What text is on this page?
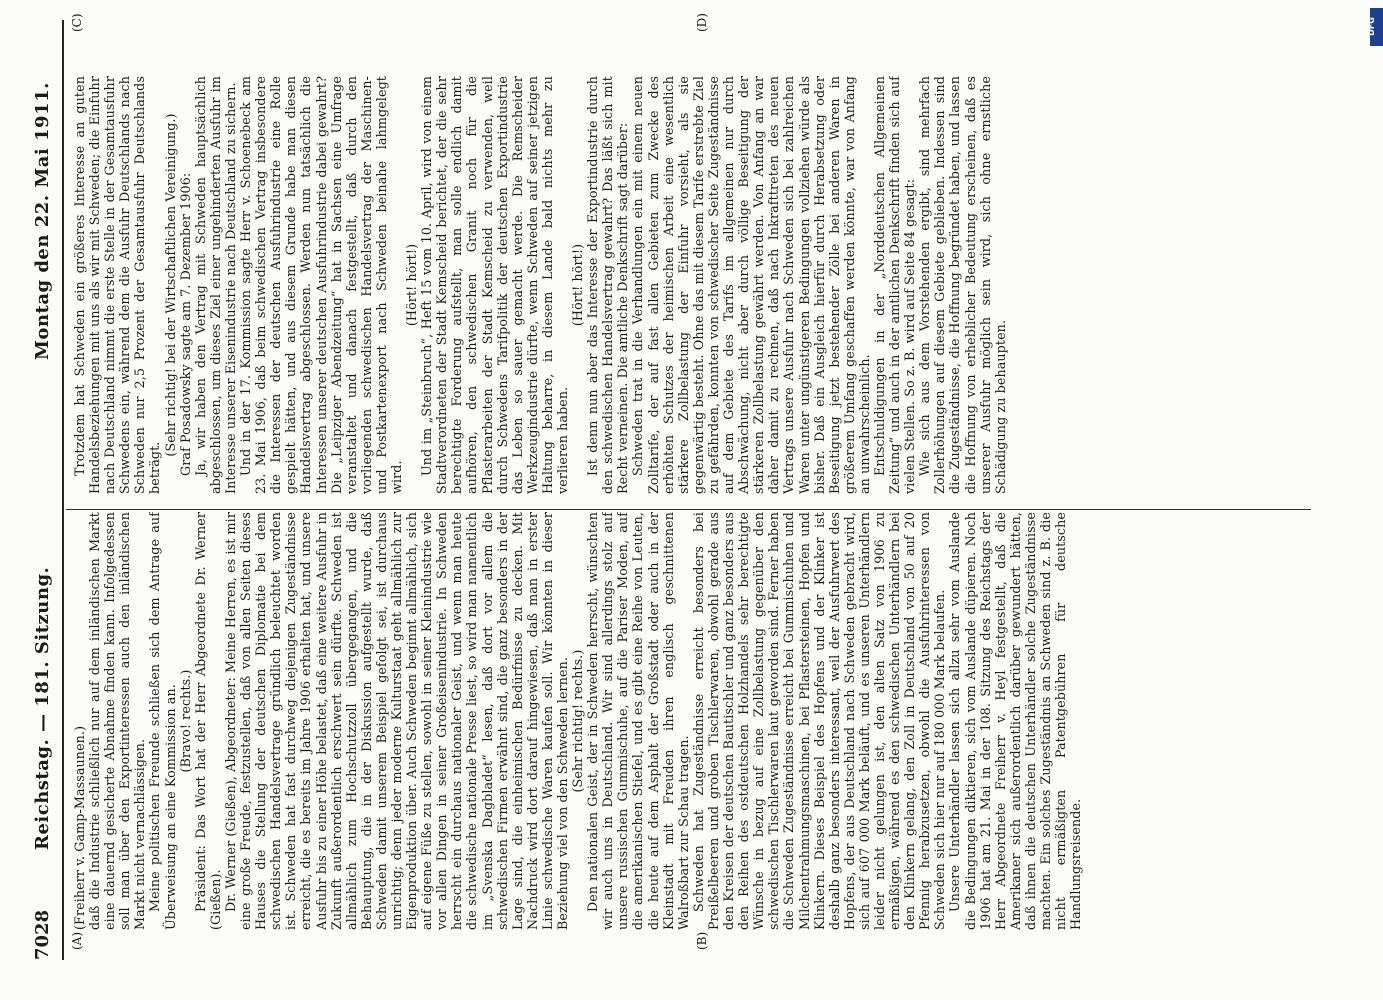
7028
Reichstag. — 181. Sitzung.
Montag den 22. Mai 1911.
(A)	(B)
(C)	(D)

(Freiherr v. Gamp-Massaunen.) daß die Industrie schließlich nur auf dem inländischen Markt eine dauernd gesicherte Abnahme finden kann. Infolgedessen soll man über den Exportinteressen auch den inländischen Markt nicht vernachlässigen. Meine politischen Freunde schließen sich dem Antrage auf Überweisung an eine Kommission an. (Bravo! rechts.) Präsident: Das Wort hat der Herr Abgeordnete Dr. Werner (Gießen). Dr. Werner (Gießen), Abgeordneter: Meine Herren, es ist mir eine große Freude, festzustellen, daß von allen Seiten dieses Hauses die Stellung der deutschen Diplomatie bei dem schwedischen Handelsvertrage gründlich beleuchtet worden ist. Schweden hat fast durchweg diejenigen Zugeständnisse erreicht, die es bereits im Jahre 1906 erhalten hat, und unsere Ausfuhr bis zu einer Höhe belastet, daß eine weitere Ausfuhr in Zukunft außerordentlich erschwert sein dürfte. Schweden ist allmählich zum Hochschutzzoll übergegangen, und die Behauptung, die in der Diskussion aufgestellt wurde, daß Schweden damit unserem Beispiel gefolgt sei, ist durchaus unrichtig; denn jeder moderne Kulturstaat geht allmählich zur Eigenproduktion über. Auch Schweden beginnt allmählich, sich auf eigene Füße zu stellen, sowohl in seiner Kleinindustrie wie vor allen Dingen in seiner Großeisenindustrie. In Schweden herrscht ein durchaus nationaler Geist, und wenn man heute die schwedische nationale Presse liest, so wird man namentlich im „Svenska Dagbladet“ lesen, daß dort vor allem die schwedischen Firmen erwähnt sind, die ganz besonders in der Lage sind, die einheimischen Bedürfnisse zu decken. Mit Nachdruck wird dort darauf hingewiesen, daß man in erster Linie schwedische Waren kaufen soll. Wir könnten in dieser Beziehung viel von den Schweden lernen. (Sehr richtig! rechts.) Den nationalen Geist, der in Schweden herrscht, wünschten wir auch uns in Deutschland. Wir sind allerdings stolz auf unsere russischen Gummischuhe, auf die Pariser Moden, auf die amerikanischen Stiefel, und es gibt eine Reihe von Leuten, die heute auf dem Asphalt der Großstadt oder auch in der Kleinstadt mit Freuden ihren englisch geschnittenen Walroßbart zur Schau tragen. Schweden hat Zugeständnisse erreicht besonders bei Preißelbeeren und groben Tischlerwaren, obwohl gerade aus den Kreisen der deutschen Bautischler und ganz besonders aus den Reihen des ostdeutschen Holzhandels sehr berechtigte Wünsche in bezug auf eine Zollbelastung gegenüber den schwedischen Tischlerwaren laut geworden sind. Ferner haben die Schweden Zugeständnisse erreicht bei Gummischuhen und Milchentrahmungsmaschinen, bei Pflastersteinen, Hopfen und Klinkern. Dieses Beispiel des Hopfens und der Klinker ist deshalb ganz besonders interessant, weil der Ausfuhrwert des Hopfens, der aus Deutschland nach Schweden gebracht wird, sich auf 607 000 Mark beläuft, und es unseren Unterhändlern leider nicht gelungen ist, den alten Satz von 1906 zu ermäßigen, während es den schwedischen Unterhändlern bei den Klinkern gelang, den Zoll in Deutschland von 50 auf 20 Pfennig herabzusetzen, obwohl die Ausfuhrinteressen von Schweden sich hier nur auf 180 000 Mark belaufen. Unsere Unterhändler lassen sich allzu sehr vom Auslande die Bedingungen diktieren, sich vom Auslande düpieren. Noch 1906 hat am 21. Mai in der 108. Sitzung des Reichstags der Herr Abgeordnete Freiherr v. Heyl festgestellt, daß die Amerikaner sich außerordentlich darüber gewundert hätten, daß ihnen die deutschen Unterhändler solche Zugeständnisse machten. Ein solches Zugeständnis an Schweden sind z. B. die nicht ermäßigten Patentgebühren für deutsche Handlungsreisende.

Trotzdem hat Schweden ein größeres Interesse an guten Handelsbeziehungen mit uns als wir mit Schweden; die Einfuhr nach Deutschland nimmt die erste Stelle in der Gesamtausfuhr Schwedens ein, während dem die Ausfuhr Deutschlands nach Schweden nur 2,5 Prozent der Gesamtausfuhr Deutschlands beträgt.

(Sehr richtig! bei der Wirtschaftlichen Vereinigung.) Graf Posadowsky sagte am 7. Dezember 1906: Ja, wir haben den Vertrag mit Schweden hauptsächlich abgeschlossen, um dieses Ziel einer ungehinderten Ausfuhr im Interesse unserer Eisenindustrie nach Deutschland zu sichern. Und in der 17. Kommission sagte Herr v. Schoenebeck am 23. Mai 1906, daß beim schwedischen Vertrag insbesondere die Interessen der deutschen Ausfuhrindustrie eine Rolle gespielt hätten, und aus diesem Grunde habe man diesen Handelsvertrag abgeschlossen. Werden nun tatsächlich die Interessen unserer deutschen Ausfuhrindustrie dabei gewahrt? Die „Leipziger Abendzeitung“ hat in Sachsen eine Umfrage veranstaltet und danach festgestellt, daß durch den vorliegenden schwedischen Handelsvertrag der Maschinen- und Postkartenexport nach Schweden beinahe lahmgelegt wird.

(Hört! hört!) Und im „Steinbruch“, Heft 15 vom 10. April, wird von einem Stadtverordneten der Stadt Kemscheid berichtet, der die sehr berechtigte Forderung aufstellt, man solle endlich damit aufhören, den schwedischen Granit noch für die Pflasterarbeiten der Stadt Kemscheid zu verwenden, weil durch Schwedens Tarifpolitik der deutschen Exportindustrie das Leben so sauer gemacht werde. Die Remscheider Werkzeugindustrie dürfte, wenn Schweden auf seiner jetzigen Haltung beharre, in diesem Lande bald nichts mehr zu verlieren haben.

(Hört! hört!) Ist denn nun aber das Interesse der Exportindustrie durch den schwedischen Handelsvertrag gewahrt? Das läßt sich mit Recht verneinen. Die amtliche Denkschrift sagt darüber: Schweden trat in die Verhandlungen ein mit einem neuen Zolltarife, der auf fast allen Gebieten zum Zwecke des erhöhten Schutzes der heimischen Arbeit eine wesentlich stärkere Zollbelastung der Einfuhr vorsieht, als sie gegenwärtig besteht. Ohne das mit diesem Tarife erstrebte Ziel zu gefährden, konnten von schwedischer Seite Zugeständnisse auf dem Gebiete des Tarifs im allgemeinen nur durch Abschwächung, nicht aber durch völlige Beseitigung der stärkeren Zollbelastung gewährt werden. Von Anfang an war daher damit zu rechnen, daß nach Inkrafttreten des neuen Vertrags unsere Ausfuhr nach Schweden sich bei zahlreichen Waren unter ungünstigeren Bedingungen vollziehen würde als bisher. Daß ein Ausgleich hierfür durch Herabsetzung oder Beseitigung jetzt bestehender Zölle bei anderen Waren in größerem Umfang geschaffen werden könnte, war von Anfang an unwahrscheinlich. Entschuldigungen in der „Norddeutschen Allgemeinen Zeitung“ und auch in der amtlichen Denkschrift finden sich auf vielen Stellen. So z. B. wird auf Seite 84 gesagt: Wie sich aus dem Vorstehenden ergibt, sind mehrfach Zollerhöhungen auf diesem Gebiete geblieben. Indessen sind die Zugeständnisse, die Hoffnung begründet haben, und lassen die Hoffnung von erheblicher Bedeutung erscheinen, daß es unserer Ausfuhr möglich sein wird, sich ohne ernstliche Schädigung zu behaupten.

DFG
